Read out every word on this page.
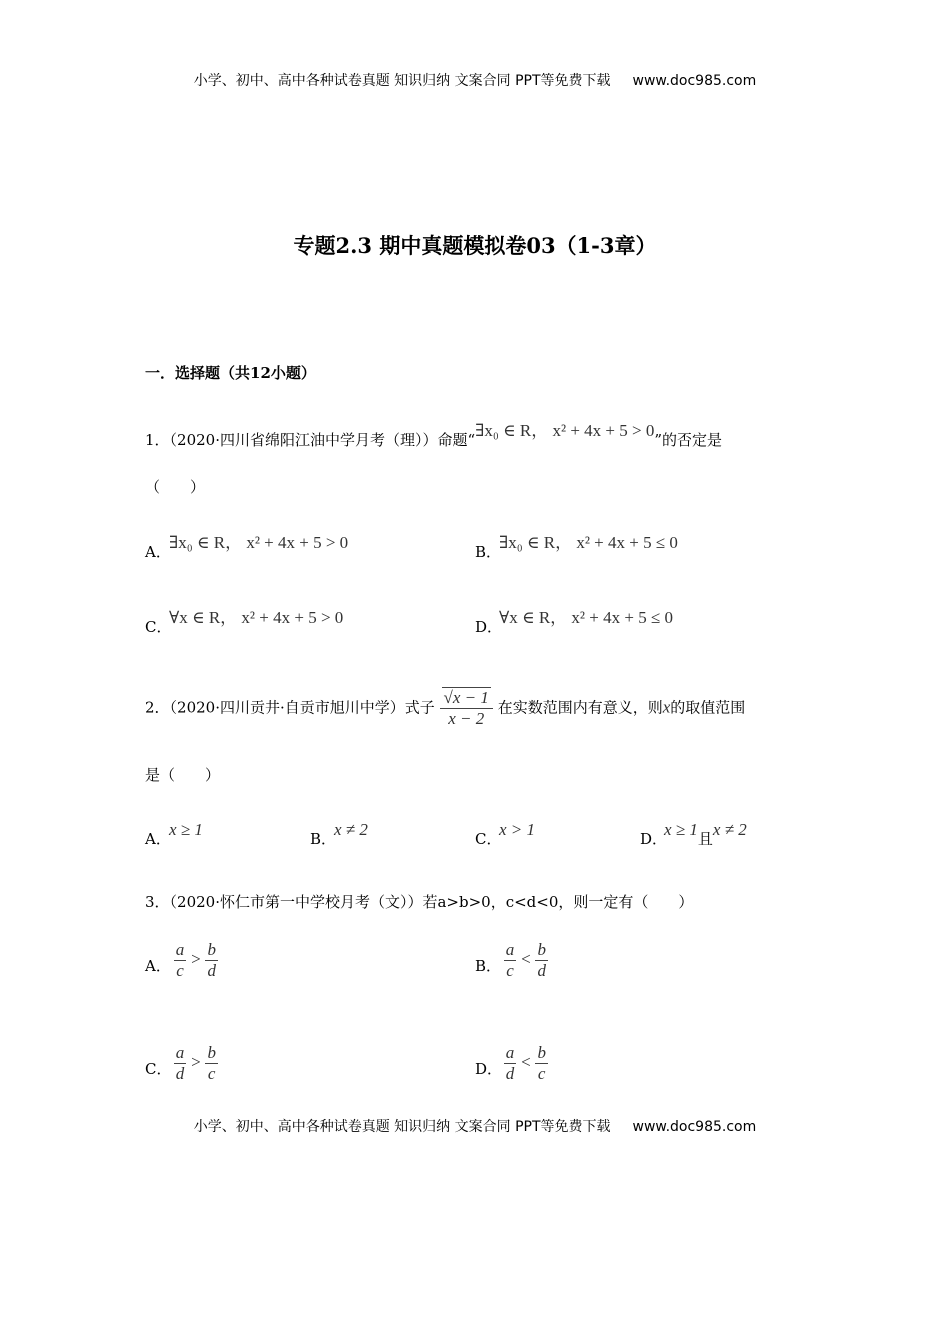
小学、初中、高中各种试卷真题 知识归纳 文案合同 PPT等免费下载 www.doc985.com
专题2.3 期中真题模拟卷03（1-3章）
一．选择题（共12小题）
1．（2020·四川省绵阳江油中学月考（理））命题“∃x₀ ∈ R， x² + 4x + 5 > 0”的否定是
（　　）
A．∃x₀ ∈ R， x² + 4x + 5 > 0	B．∃x₀ ∈ R， x² + 4x + 5 ≤ 0
C．∀x ∈ R， x² + 4x + 5 > 0	D．∀x ∈ R， x² + 4x + 5 ≤ 0
2．（2020·四川贡井·自贡市旭川中学）式子 $\frac{√x - 1}{x - 2}$ 在实数范围内有意义，则x的取值范围
是（　　）
A．x ≥ 1	B．x ≠ 2	C．x > 1	D．x ≥ 1且x ≠ 2
3．（2020·怀仁市第一中学校月考（文））若a>b>0，c<d<0，则一定有（　　）
A． $\frac{a}{c} > \frac{b}{d}$	B． $\frac{a}{c} < \frac{b}{d}$
C． $\frac{a}{d} > \frac{b}{c}$	D． $\frac{a}{d} < \frac{b}{c}$
小学、初中、高中各种试卷真题 知识归纳 文案合同 PPT等免费下载 www.doc985.com
